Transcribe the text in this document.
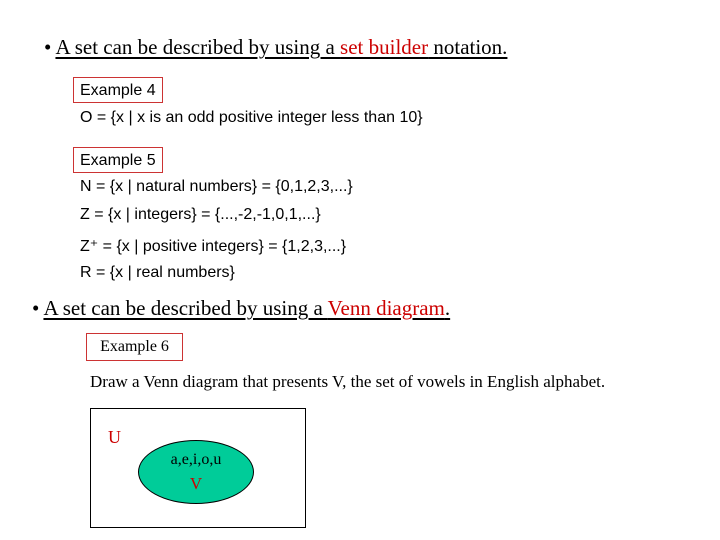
• A set can be described by using a set builder notation.
Example 4
O = {x | x is an odd positive integer less than 10}
Example 5
N = {x | natural numbers} = {0,1,2,3,...}
Z = {x | integers} = {...,-2,-1,0,1,...}
Z⁺ = {x | positive integers} = {1,2,3,...}
R = {x | real numbers}
• A set can be described by using a Venn diagram.
Example 6
Draw a Venn diagram that presents V, the set of vowels in English alphabet.
U
a,e,i,o,u
V
